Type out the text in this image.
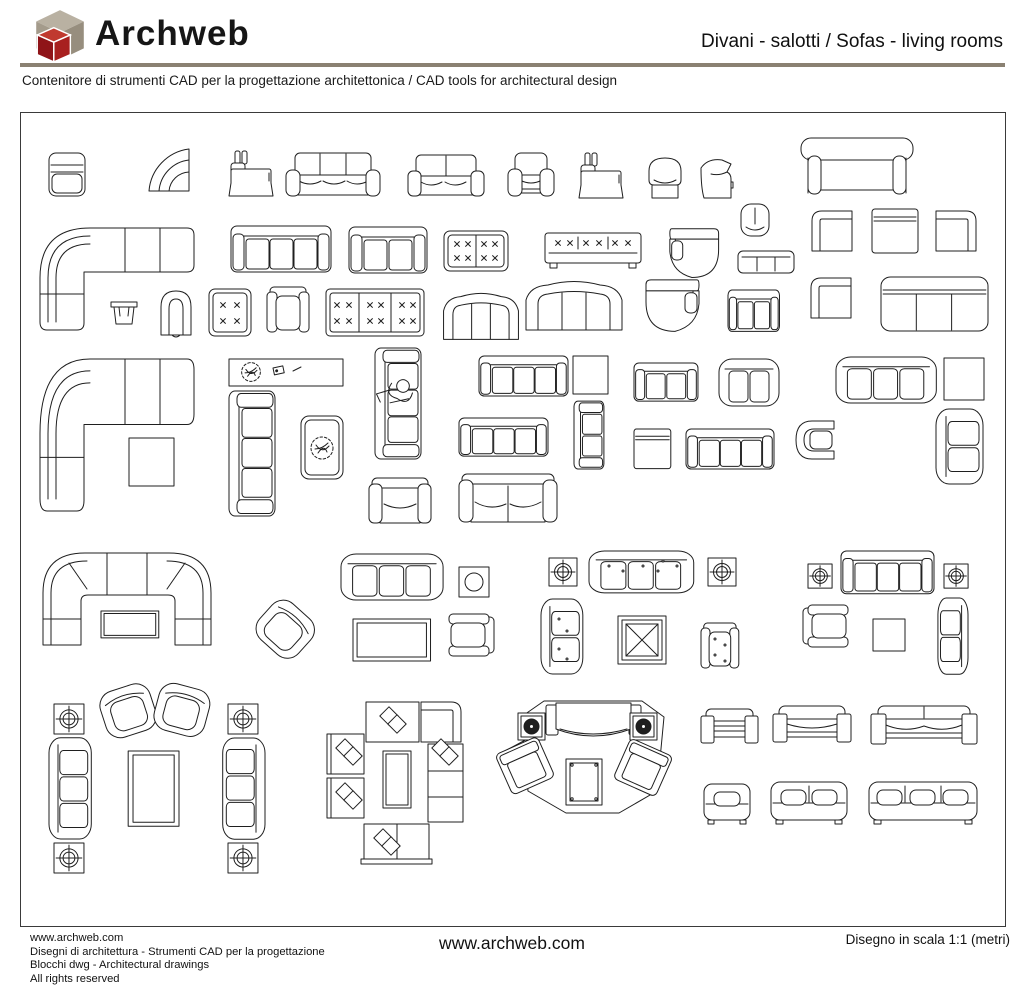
Archweb	Divani - salotti / Sofas - living rooms
Contenitore di strumenti CAD per la progettazione architettonica / CAD tools for architectural design
www.archweb.com
Disegni di architettura - Strumenti CAD per la progettazione
Blocchi dwg - Architectural drawings
All rights reserved
www.archweb.com	Disegno in scala 1:1 (metri)
